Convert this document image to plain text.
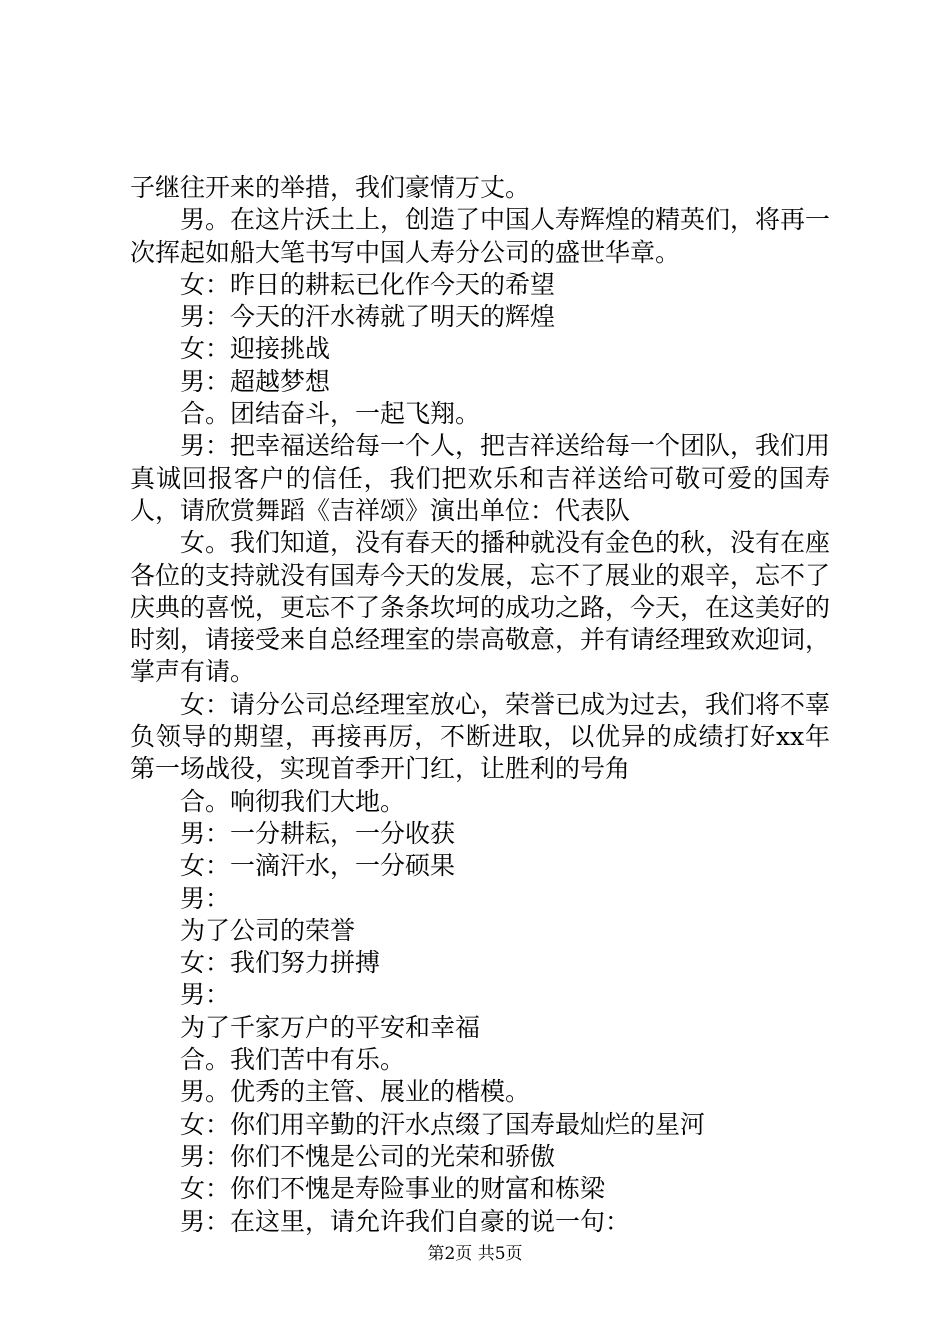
子继往开来的举措，我们豪情万丈。

男。在这片沃土上，创造了中国人寿辉煌的精英们，将再一次挥起如船大笔书写中国人寿分公司的盛世华章。

女：昨日的耕耘已化作今天的希望

男：今天的汗水祷就了明天的辉煌

女：迎接挑战

男：超越梦想

合。团结奋斗，一起飞翔。

男：把幸福送给每一个人，把吉祥送给每一个团队，我们用真诚回报客户的信任，我们把欢乐和吉祥送给可敬可爱的国寿人，请欣赏舞蹈《吉祥颂》演出单位：代表队

女。我们知道，没有春天的播种就没有金色的秋，没有在座各位的支持就没有国寿今天的发展，忘不了展业的艰辛，忘不了庆典的喜悦，更忘不了条条坎坷的成功之路，今天，在这美好的时刻，请接受来自总经理室的崇高敬意，并有请经理致欢迎词，掌声有请。

女：请分公司总经理室放心，荣誉已成为过去，我们将不辜负领导的期望，再接再厉，不断进取，以优异的成绩打好xx年第一场战役，实现首季开门红，让胜利的号角

合。响彻我们大地。

男：一分耕耘，一分收获

女：一滴汗水，一分硕果

男：

为了公司的荣誉

女：我们努力拼搏

男：

为了千家万户的平安和幸福

合。我们苦中有乐。

男。优秀的主管、展业的楷模。

女：你们用辛勤的汗水点缀了国寿最灿烂的星河

男：你们不愧是公司的光荣和骄傲

女：你们不愧是寿险事业的财富和栋梁

男：在这里，请允许我们自豪的说一句：

第2页 共5页
